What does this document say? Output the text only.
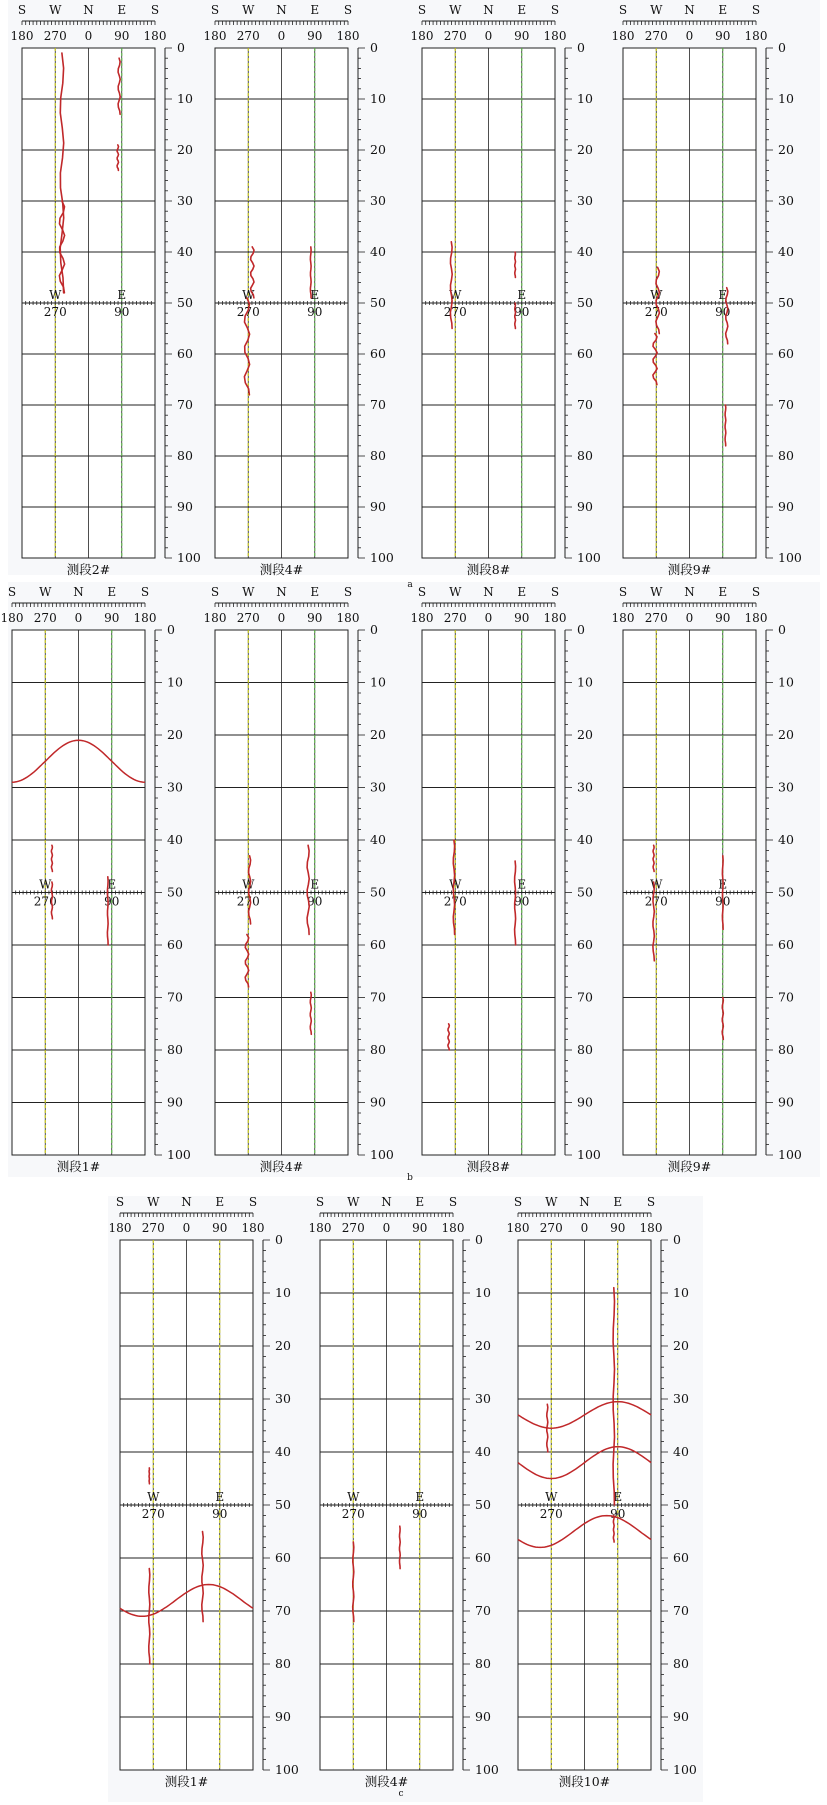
S
180
W
270
N
0
E
90
S
180
W
270
E
90
0
10
20
30
40
50
60
70
80
90
100
测段2#
S
180
W
270
N
0
E
90
S
180
W
270
E
90
0
10
20
30
40
50
60
70
80
90
100
测段4#
S
180
W
270
N
0
E
90
S
180
W
270
E
90
0
10
20
30
40
50
60
70
80
90
100
测段8#
S
180
W
270
N
0
E
90
S
180
W
270
E
90
0
10
20
30
40
50
60
70
80
90
100
测段9#
S
180
W
270
N
0
E
90
S
180
W
270
E
90
0
10
20
30
40
50
60
70
80
90
100
测段1#
S
180
W
270
N
0
E
90
S
180
W
270
E
90
0
10
20
30
40
50
60
70
80
90
100
测段4#
S
180
W
270
N
0
E
90
S
180
W
270
E
90
0
10
20
30
40
50
60
70
80
90
100
测段8#
S
180
W
270
N
0
E
90
S
180
W
270
E
90
0
10
20
30
40
50
60
70
80
90
100
测段9#
S
180
W
270
N
0
E
90
S
180
W
270
E
90
0
10
20
30
40
50
60
70
80
90
100
测段1#
S
180
W
270
N
0
E
90
S
180
W
270
E
90
0
10
20
30
40
50
60
70
80
90
100
测段4#
S
180
W
270
N
0
E
90
S
180
W
270
E
90
0
10
20
30
40
50
60
70
80
90
100
测段10#
a
b
c
